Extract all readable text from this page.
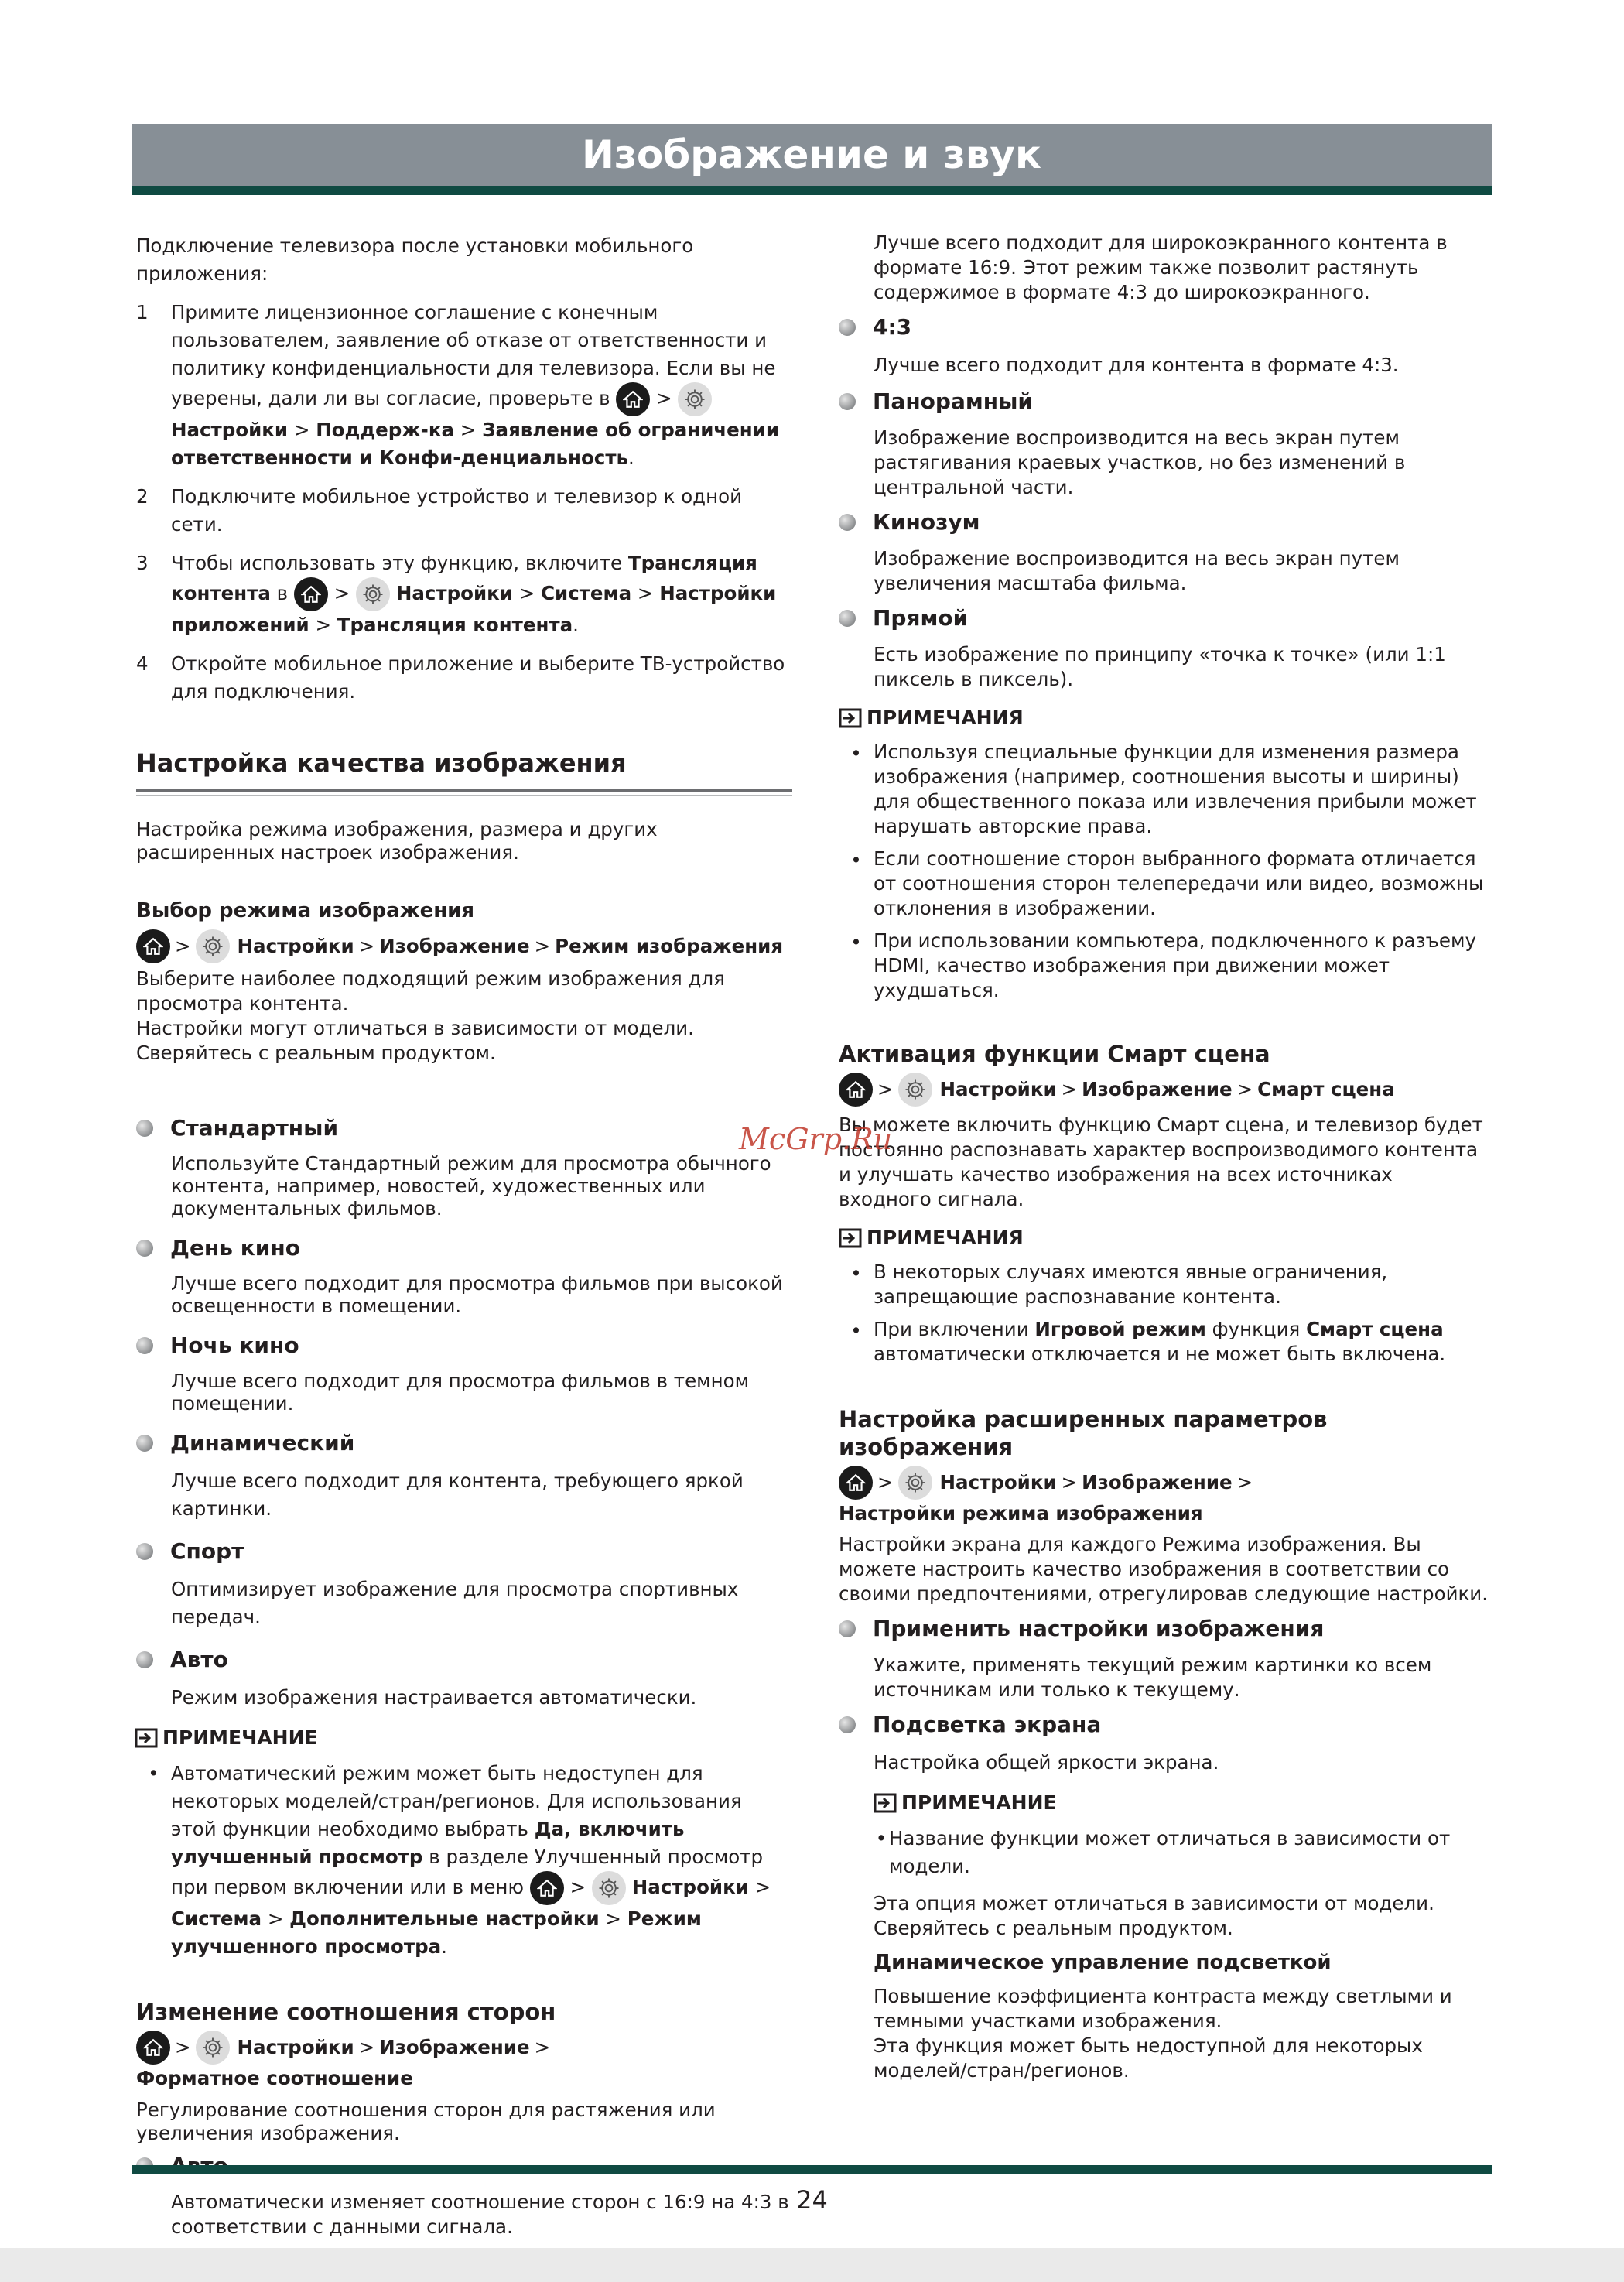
Изображение и звук

Подключение телевизора после установки мобильного приложения:

1	Примите лицензионное соглашение с конечным пользователем, заявление об отказе от ответственности и политику конфиденциальности для телевизора. Если вы не уверены, дали ли вы согласие, проверьте в >
Настройки > Поддерж-ка > Заявление об ограничении ответственности и Конфи-денциальность.
2	Подключите мобильное устройство и телевизор к одной сети.
3	Чтобы использовать эту функцию, включите Трансляция контента в > Настройки > Система > Настройки приложений > Трансляция контента.
4	Откройте мобильное приложение и выберите ТВ-устройство для подключения.
Настройка качества изображения

Настройка режима изображения, размера и других расширенных настроек изображения.

Выбор режима изображения
> Настройки > Изображение > Режим изображения

Выберите наиболее подходящий режим изображения для просмотра контента.

Настройки могут отличаться в зависимости от модели. Сверяйтесь с реальным продуктом.

Стандартный

Используйте Стандартный режим для просмотра обычного контента, например, новостей, художественных или документальных фильмов.

День кино

Лучше всего подходит для просмотра фильмов при высокой освещенности в помещении.

Ночь кино

Лучше всего подходит для просмотра фильмов в темном помещении.

Динамический

Лучше всего подходит для контента, требующего яркой картинки.

Спорт

Оптимизирует изображение для просмотра спортивных передач.

Авто

Режим изображения настраивается автоматически.

ПРИМЕЧАНИЕ
• Автоматический режим может быть недоступен для некоторых моделей/стран/регионов. Для использования этой функции необходимо выбрать Да, включить улучшенный просмотр в разделе Улучшенный просмотр при первом включении или в меню > Настройки > Система > Дополнительные настройки > Режим улучшенного просмотра.
Изменение соотношения сторон
> Настройки > Изображение >
Форматное соотношение

Регулирование соотношения сторон для растяжения или увеличения изображения.

Автоматически изменяет соотношение сторон с 16:9 на 4:3 в соответствии с данными сигнала.

Лучше всего подходит для широкоэкранного контента в формате 16:9. Этот режим также позволит растянуть содержимое в формате 4:3 до широкоэкранного.

4:3

Лучше всего подходит для контента в формате 4:3.

Панорамный

Изображение воспроизводится на весь экран путем растягивания краевых участков, но без изменений в центральной части.

Кинозум

Изображение воспроизводится на весь экран путем увеличения масштаба фильма.

Прямой

Есть изображение по принципу «точка к точке» (или 1:1 пиксель в пиксель).

ПРИМЕЧАНИЯ
• Используя специальные функции для изменения размера изображения (например, соотношения высоты и ширины) для общественного показа или извлечения прибыли может нарушать авторские права.
• Если соотношение сторон выбранного формата отличается от соотношения сторон телепередачи или видео, возможны отклонения в изображении.
• При использовании компьютера, подключенного к разъему HDMI, качество изображения при движении может ухудшаться.
Активация функции Смарт сцена
> Настройки > Изображение > Смарт сцена

Вы можете включить функцию Смарт сцена, и телевизор будет постоянно распознавать характер воспроизводимого контента и улучшать качество изображения на всех источниках входного сигнала.

ПРИМЕЧАНИЯ
• В некоторых случаях имеются явные ограничения, запрещающие распознавание контента.
• При включении Игровой режим функция Смарт сцена автоматически отключается и не может быть включена.
Настройка расширенных параметров изображения
> Настройки > Изображение >
Настройки режима изображения

Настройки экрана для каждого Режима изображения. Вы можете настроить качество изображения в соответствии со своими предпочтениями, отрегулировав следующие настройки.

Применить настройки изображения

Укажите, применять текущий режим картинки ко всем источникам или только к текущему.

Подсветка экрана

Настройка общей яркости экрана.

ПРИМЕЧАНИЕ
• Название функции может отличаться в зависимости от модели.

Эта опция может отличаться в зависимости от модели. Сверяйтесь с реальным продуктом.

Динамическое управление подсветкой

Повышение коэффициента контраста между светлыми и темными участками изображения.

Эта функция может быть недоступной для некоторых моделей/стран/регионов.

McGrp.Ru
24
